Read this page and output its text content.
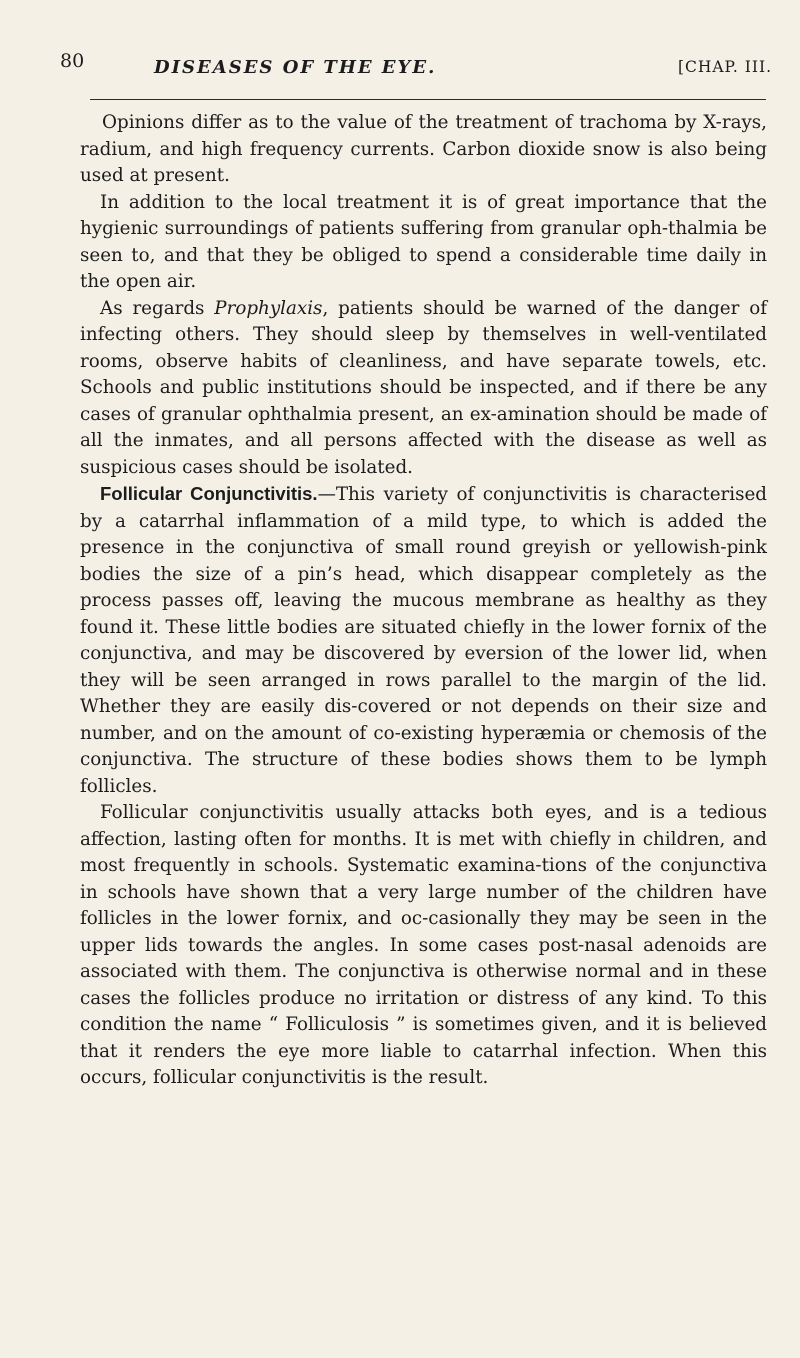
80	DISEASES OF THE EYE.	[CHAP. III.

Opinions differ as to the value of the treatment of trachoma by X-rays, radium, and high frequency currents. Carbon dioxide snow is also being used at present.

In addition to the local treatment it is of great importance that the hygienic surroundings of patients suffering from granular oph-thalmia be seen to, and that they be obliged to spend a considerable time daily in the open air.

As regards Prophylaxis, patients should be warned of the danger of infecting others. They should sleep by themselves in well-ventilated rooms, observe habits of cleanliness, and have separate towels, etc. Schools and public institutions should be inspected, and if there be any cases of granular ophthalmia present, an ex-amination should be made of all the inmates, and all persons affected with the disease as well as suspicious cases should be isolated.

Follicular Conjunctivitis.—This variety of conjunctivitis is characterised by a catarrhal inflammation of a mild type, to which is added the presence in the conjunctiva of small round greyish or yellowish-pink bodies the size of a pin’s head, which disappear completely as the process passes off, leaving the mucous membrane as healthy as they found it. These little bodies are situated chiefly in the lower fornix of the conjunctiva, and may be discovered by eversion of the lower lid, when they will be seen arranged in rows parallel to the margin of the lid. Whether they are easily dis-covered or not depends on their size and number, and on the amount of co-existing hyperæmia or chemosis of the conjunctiva. The structure of these bodies shows them to be lymph follicles.

Follicular conjunctivitis usually attacks both eyes, and is a tedious affection, lasting often for months. It is met with chiefly in children, and most frequently in schools. Systematic examina-tions of the conjunctiva in schools have shown that a very large number of the children have follicles in the lower fornix, and oc-casionally they may be seen in the upper lids towards the angles. In some cases post-nasal adenoids are associated with them. The conjunctiva is otherwise normal and in these cases the follicles produce no irritation or distress of any kind. To this condition the name “ Folliculosis ” is sometimes given, and it is believed that it renders the eye more liable to catarrhal infection. When this occurs, follicular conjunctivitis is the result.
